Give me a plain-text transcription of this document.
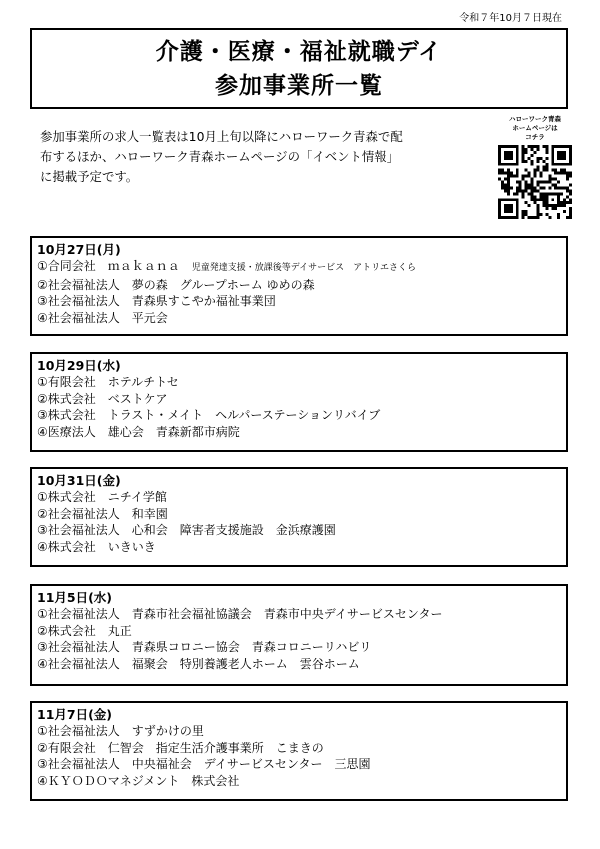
令和７年10月７日現在
介護・医療・福祉就職デイ
参加事業所一覧
参加事業所の求人一覧表は10月上旬以降にハローワーク青森で配
布するほか、ハローワーク青森ホームページの「イベント情報」
に掲載予定です。
ハローワーク青森
ホームページは
コチラ
10月27日(月)
①合同会社　ｍａｋａｎａ　児童発達支援・放課後等デイサービス　アトリエさくら
②社会福祉法人　夢の森　グループホーム ゆめの森
③社会福祉法人　青森県すこやか福祉事業団
④社会福祉法人　平元会
10月29日(水)
①有限会社　ホテルチトセ
②株式会社　ベストケア
③株式会社　トラスト・メイト　ヘルパーステーションリバイブ
④医療法人　雄心会　青森新都市病院
10月31日(金)
①株式会社　ニチイ学館
②社会福祉法人　和幸園
③社会福祉法人　心和会　障害者支援施設　金浜療護園
④株式会社　いきいき
11月5日(水)
①社会福祉法人　青森市社会福祉協議会　青森市中央デイサービスセンター
②株式会社　丸正
③社会福祉法人　青森県コロニー協会　青森コロニーリハビリ
④社会福祉法人　福聚会　特別養護老人ホーム　雲谷ホーム
11月7日(金)
①社会福祉法人　すずかけの里
②有限会社　仁智会　指定生活介護事業所　こまきの
③社会福祉法人　中央福祉会　デイサービスセンター　三思園
④ＫＹＯＤＯマネジメント　株式会社
